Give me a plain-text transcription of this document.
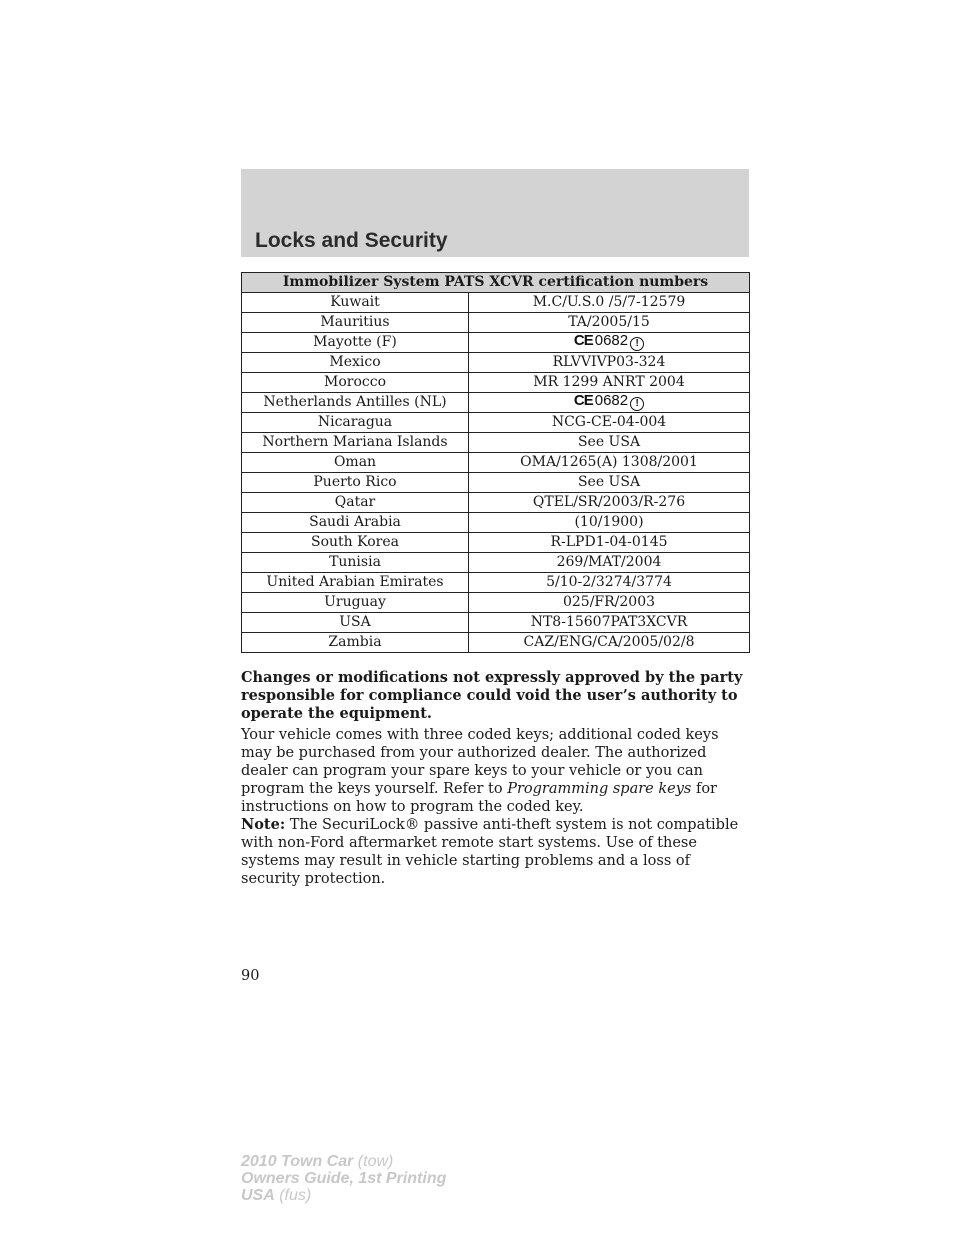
Locks and Security
Immobilizer System PATS XCVR certification numbers	
Kuwait	M.C/U.S.0 /5/7-12579
Mauritius	TA/2005/15
Mayotte (F)	CE 0682 !
Mexico	RLVVIVP03-324
Morocco	MR 1299 ANRT 2004
Netherlands Antilles (NL)	CE 0682 !
Nicaragua	NCG-CE-04-004
Northern Mariana Islands	See USA
Oman	OMA/1265(A) 1308/2001
Puerto Rico	See USA
Qatar	QTEL/SR/2003/R-276
Saudi Arabia	(10/1900)
South Korea	R-LPD1-04-0145
Tunisia	269/MAT/2004
United Arabian Emirates	5/10-2/3274/3774
Uruguay	025/FR/2003
USA	NT8-15607PAT3XCVR
Zambia	CAZ/ENG/CA/2005/02/8
Changes or modifications not expressly approved by the party responsible for compliance could void the user’s authority to operate the equipment.
Your vehicle comes with three coded keys; additional coded keys may be purchased from your authorized dealer. The authorized dealer can program your spare keys to your vehicle or you can program the keys yourself. Refer to Programming spare keys for instructions on how to program the coded key.
Note: The SecuriLock® passive anti-theft system is not compatible with non-Ford aftermarket remote start systems. Use of these systems may result in vehicle starting problems and a loss of security protection.
90
2010 Town Car (tow)
Owners Guide, 1st Printing
USA (fus)
